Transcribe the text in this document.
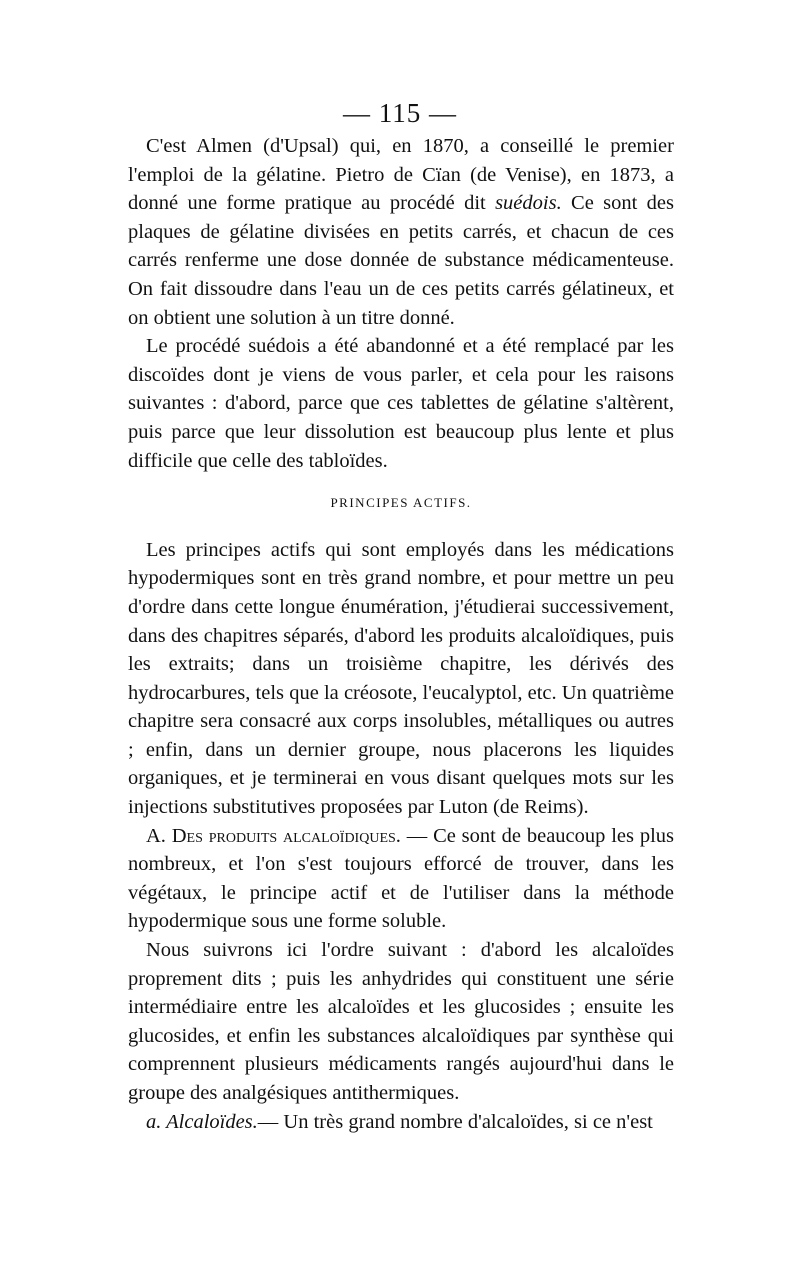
— 115 —

C'est Almen (d'Upsal) qui, en 1870, a conseillé le premier l'emploi de la gélatine. Pietro de Cïan (de Venise), en 1873, a donné une forme pratique au procédé dit suédois. Ce sont des plaques de gélatine divisées en petits carrés, et chacun de ces carrés renferme une dose donnée de substance médicamenteuse. On fait dissoudre dans l'eau un de ces petits carrés gélatineux, et on obtient une solution à un titre donné.

Le procédé suédois a été abandonné et a été remplacé par les discoïdes dont je viens de vous parler, et cela pour les raisons suivantes : d'abord, parce que ces tablettes de gélatine s'altèrent, puis parce que leur dissolution est beaucoup plus lente et plus difficile que celle des tabloïdes.

PRINCIPES ACTIFS.

Les principes actifs qui sont employés dans les médications hypodermiques sont en très grand nombre, et pour mettre un peu d'ordre dans cette longue énumération, j'étudierai successivement, dans des chapitres séparés, d'abord les produits alcaloïdiques, puis les extraits; dans un troisième chapitre, les dérivés des hydrocarbures, tels que la créosote, l'eucalyptol, etc. Un quatrième chapitre sera consacré aux corps insolubles, métalliques ou autres ; enfin, dans un dernier groupe, nous placerons les liquides organiques, et je terminerai en vous disant quelques mots sur les injections substitutives proposées par Luton (de Reims).

A. Des produits alcaloïdiques. — Ce sont de beaucoup les plus nombreux, et l'on s'est toujours efforcé de trouver, dans les végétaux, le principe actif et de l'utiliser dans la méthode hypodermique sous une forme soluble.

Nous suivrons ici l'ordre suivant : d'abord les alcaloïdes proprement dits ; puis les anhydrides qui constituent une série intermédiaire entre les alcaloïdes et les glucosides ; ensuite les glucosides, et enfin les substances alcaloïdiques par synthèse qui comprennent plusieurs médicaments rangés aujourd'hui dans le groupe des analgésiques antithermiques.

a. Alcaloïdes.— Un très grand nombre d'alcaloïdes, si ce n'est
